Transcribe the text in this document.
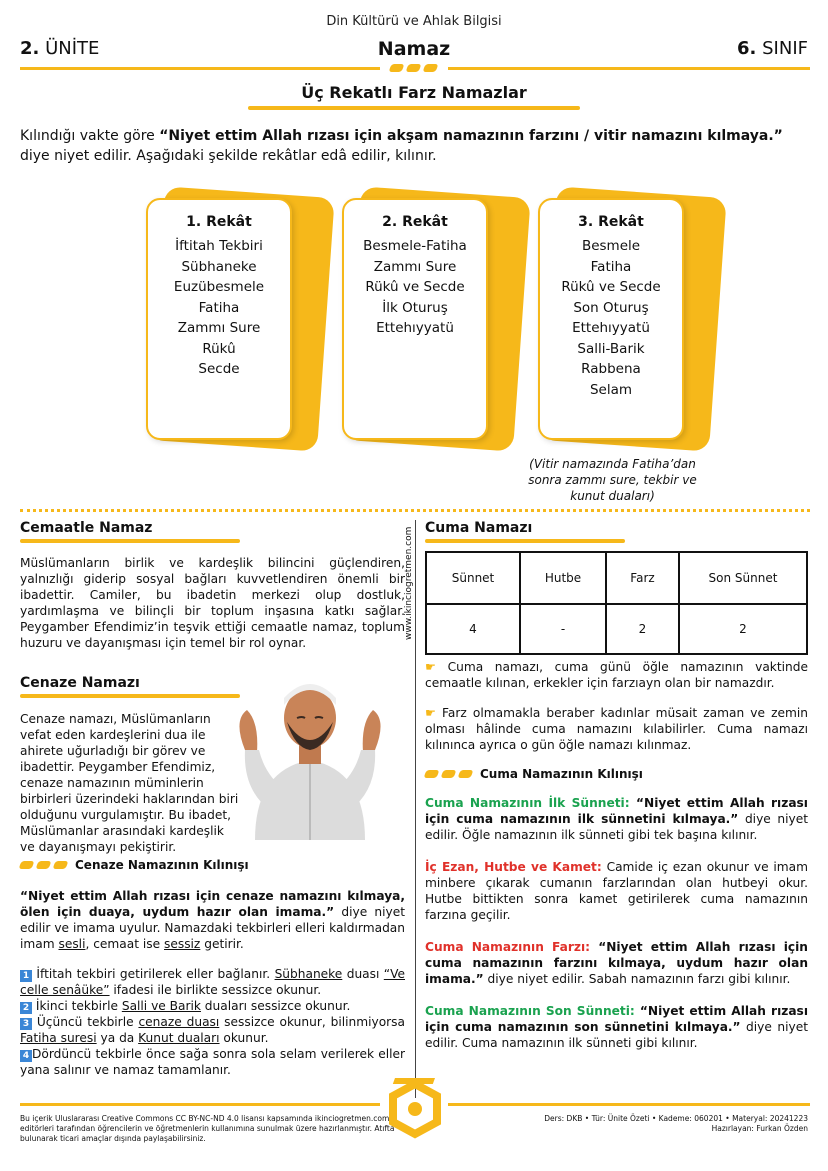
Din Kültürü ve Ahlak Bilgisi
2. ÜNİTE	Namaz	6. SINIF
Üç Rekatlı Farz Namazlar
Kılındığı vakte göre “Niyet ettim Allah rızası için akşam namazının farzını / vitir namazını kılmaya.” diye niyet edilir. Aşağıdaki şekilde rekâtlar edâ edilir, kılınır.
1. Rekât
İftitah Tekbiri
Sübhaneke
Euzübesmele
Fatiha
Zammı Sure
Rükû
Secde
2. Rekât
Besmele-Fatiha
Zammı Sure
Rükû ve Secde
İlk Oturuş
Ettehıyyatü
3. Rekât
Besmele
Fatiha
Rükû ve Secde
Son Oturuş
Ettehıyyatü
Salli-Barik
Rabbena
Selam
(Vitir namazında Fatiha’dan sonra zammı sure, tekbir ve kunut duaları)
www.ikinciogretmen.com
Cemaatle Namaz

Müslümanların birlik ve kardeşlik bilincini güçlendiren, yalnızlığı giderip sosyal bağları kuvvetlendiren önemli bir ibadettir. Camiler, bu ibadetin merkezi olup dostluk, yardımlaşma ve bilinçli bir toplum inşasına katkı sağlar. Peygamber Efendimiz’in teşvik ettiği cemaatle namaz, toplum huzuru ve dayanışması için temel bir rol oynar.

Cenaze Namazı

Cenaze namazı, Müslümanların vefat eden kardeşlerini dua ile ahirete uğurladığı bir görev ve ibadettir. Peygamber Efendimiz, cenaze namazının müminlerin birbirleri üzerindeki haklarından biri olduğunu vurgulamıştır. Bu ibadet, Müslümanlar arasındaki kardeşlik ve dayanışmayı pekiştirir.

Cenaze Namazının Kılınışı

“Niyet ettim Allah rızası için cenaze namazını kılmaya, ölen için duaya, uydum hazır olan imama.” diye niyet edilir ve imama uyulur. Namazdaki tekbirleri elleri kaldırmadan imam sesli, cemaat ise sessiz getirir.

1 İftitah tekbiri getirilerek eller bağlanır. Sübhaneke duası “Ve celle senâüke” ifadesi ile birlikte sessizce okunur.

2 İkinci tekbirle Salli ve Barik duaları sessizce okunur.

3 Üçüncü tekbirle cenaze duası sessizce okunur, bilinmiyorsa Fatiha suresi ya da Kunut duaları okunur.

4 Dördüncü tekbirle önce sağa sonra sola selam verilerek eller yana salınır ve namaz tamamlanır.

Cuma Namazı
Sünnet	Hutbe	Farz	Son Sünnet
4	-	2	2

☛ Cuma namazı, cuma günü öğle namazının vaktinde cemaatle kılınan, erkekler için farzıayn olan bir namazdır.

☛ Farz olmamakla beraber kadınlar müsait zaman ve zemin olması hâlinde cuma namazını kılabilirler. Cuma namazı kılınınca ayrıca o gün öğle namazı kılınmaz.

Cuma Namazının Kılınışı

Cuma Namazının İlk Sünneti: “Niyet ettim Allah rızası için cuma namazının ilk sünnetini kılmaya.” diye niyet edilir. Öğle namazının ilk sünneti gibi tek başına kılınır.

İç Ezan, Hutbe ve Kamet: Camide iç ezan okunur ve imam minbere çıkarak cumanın farzlarından olan hutbeyi okur. Hutbe bittikten sonra kamet getirilerek cuma namazının farzına geçilir.

Cuma Namazının Farzı: “Niyet ettim Allah rızası için cuma namazının farzını kılmaya, uydum hazır olan imama.” diye niyet edilir. Sabah namazının farzı gibi kılınır.

Cuma Namazının Son Sünneti: “Niyet ettim Allah rızası için cuma namazının son sünnetini kılmaya.” diye niyet edilir. Cuma namazının ilk sünneti gibi kılınır.

Bu içerik Uluslararası Creative Commons CC BY-NC-ND 4.0 lisansı kapsamında ikinciogretmen.com editörleri tarafından öğrencilerin ve öğretmenlerin kullanımına sunulmak üzere hazırlanmıştır. Atıfta bulunarak ticari amaçlar dışında paylaşabilirsiniz.
Ders: DKB • Tür: Ünite Özeti • Kademe: 060201 • Materyal: 20241223
Hazırlayan: Furkan Özden
